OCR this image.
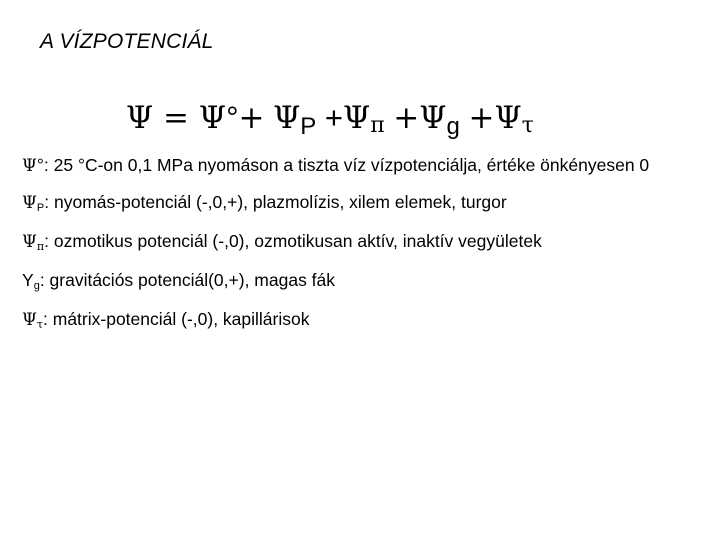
A VÍZPOTENCIÁL
Ψ = Ψ°+ ΨP +Ψπ +Ψg +Ψτ
Ψ°: 25 °C-on 0,1 MPa nyomáson a tiszta víz vízpotenciálja, értéke önkényesen 0
ΨP: nyomás-potenciál (-,0,+), plazmolízis, xilem elemek, turgor
Ψπ: ozmotikus potenciál (-,0), ozmotikusan aktív, inaktív vegyületek
Yg: gravitációs potenciál(0,+), magas fák
Ψτ: mátrix-potenciál (-,0), kapillárisok
